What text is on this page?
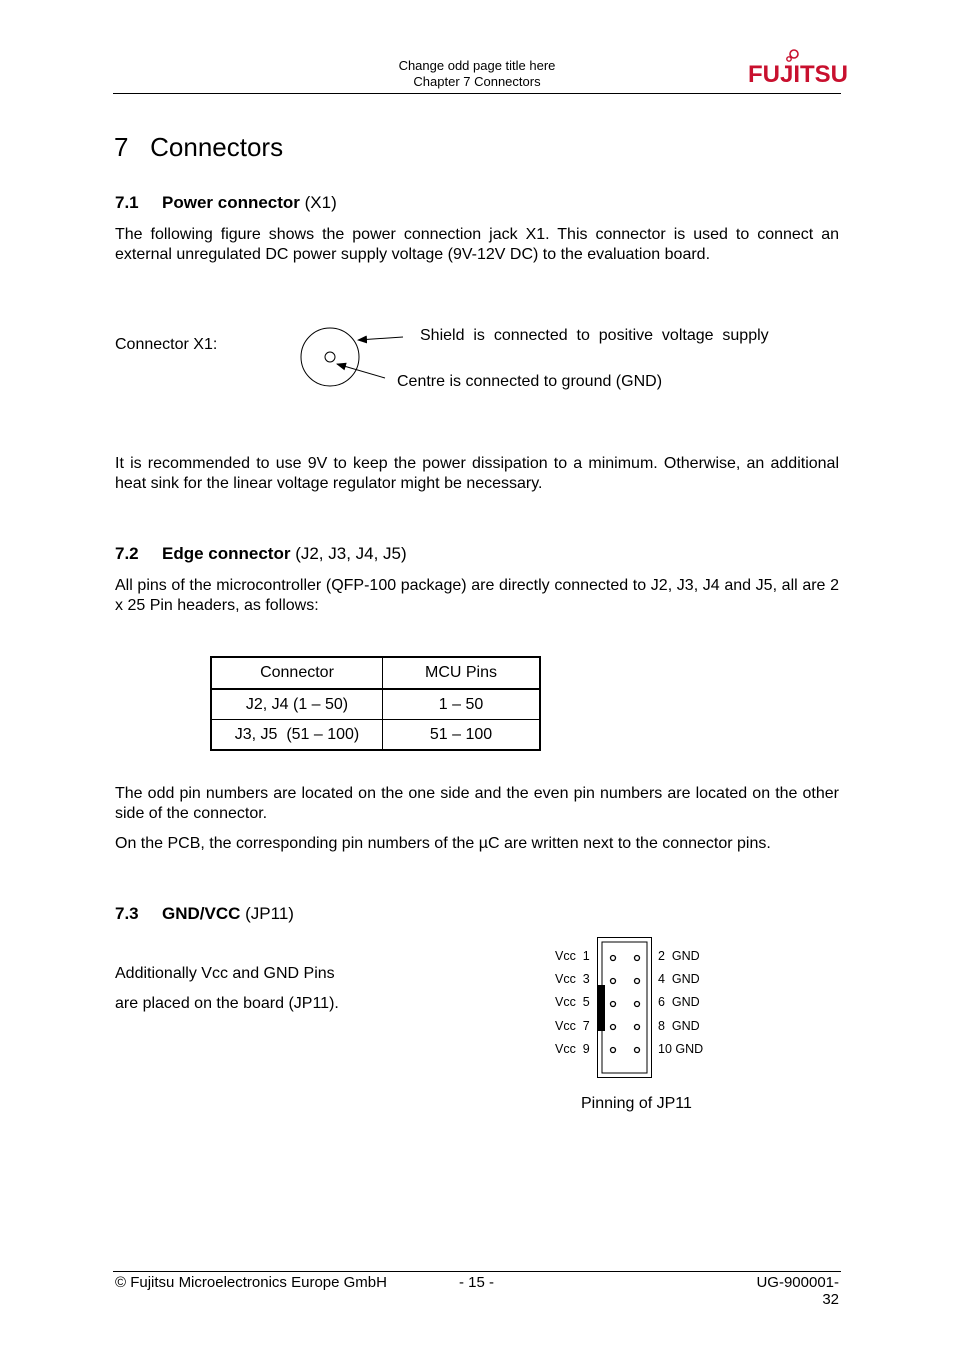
Change odd page title here
Chapter 7 Connectors	FUJITSU
7   Connectors
7.1 Power connector (X1)
The following figure shows the power connection jack X1. This connector is used to connect an external unregulated DC power supply voltage (9V-12V DC) to the evaluation board.
Connector X1:
Shield  is  connected  to  positive  voltage  supply
Centre is connected to ground (GND)
It is recommended to use 9V to keep the power dissipation to a minimum. Otherwise, an additional heat sink for the linear voltage regulator might be necessary.
7.2 Edge connector (J2, J3, J4, J5)
All pins of the microcontroller (QFP-100 package) are directly connected to J2, J3, J4 and J5, all are 2 x 25 Pin headers, as follows:
Connector	MCU Pins
J2, J4 (1 – 50)	1 – 50
J3, J5  (51 – 100)	51 – 100
The odd pin numbers are located on the one side and the even pin numbers are located on the other side of the connector.
On the PCB, the corresponding pin numbers of the µC are written next to the connector pins.
7.3 GND/VCC (JP11)
Additionally Vcc and GND Pins
are placed on the board (JP11).
Vcc  1
Vcc  3
Vcc  5
Vcc  7
Vcc  9
2  GND
4  GND
6  GND
8  GND
10 GND
Pinning of JP11
© Fujitsu Microelectronics Europe GmbH	- 15 -	UG-900001-32
